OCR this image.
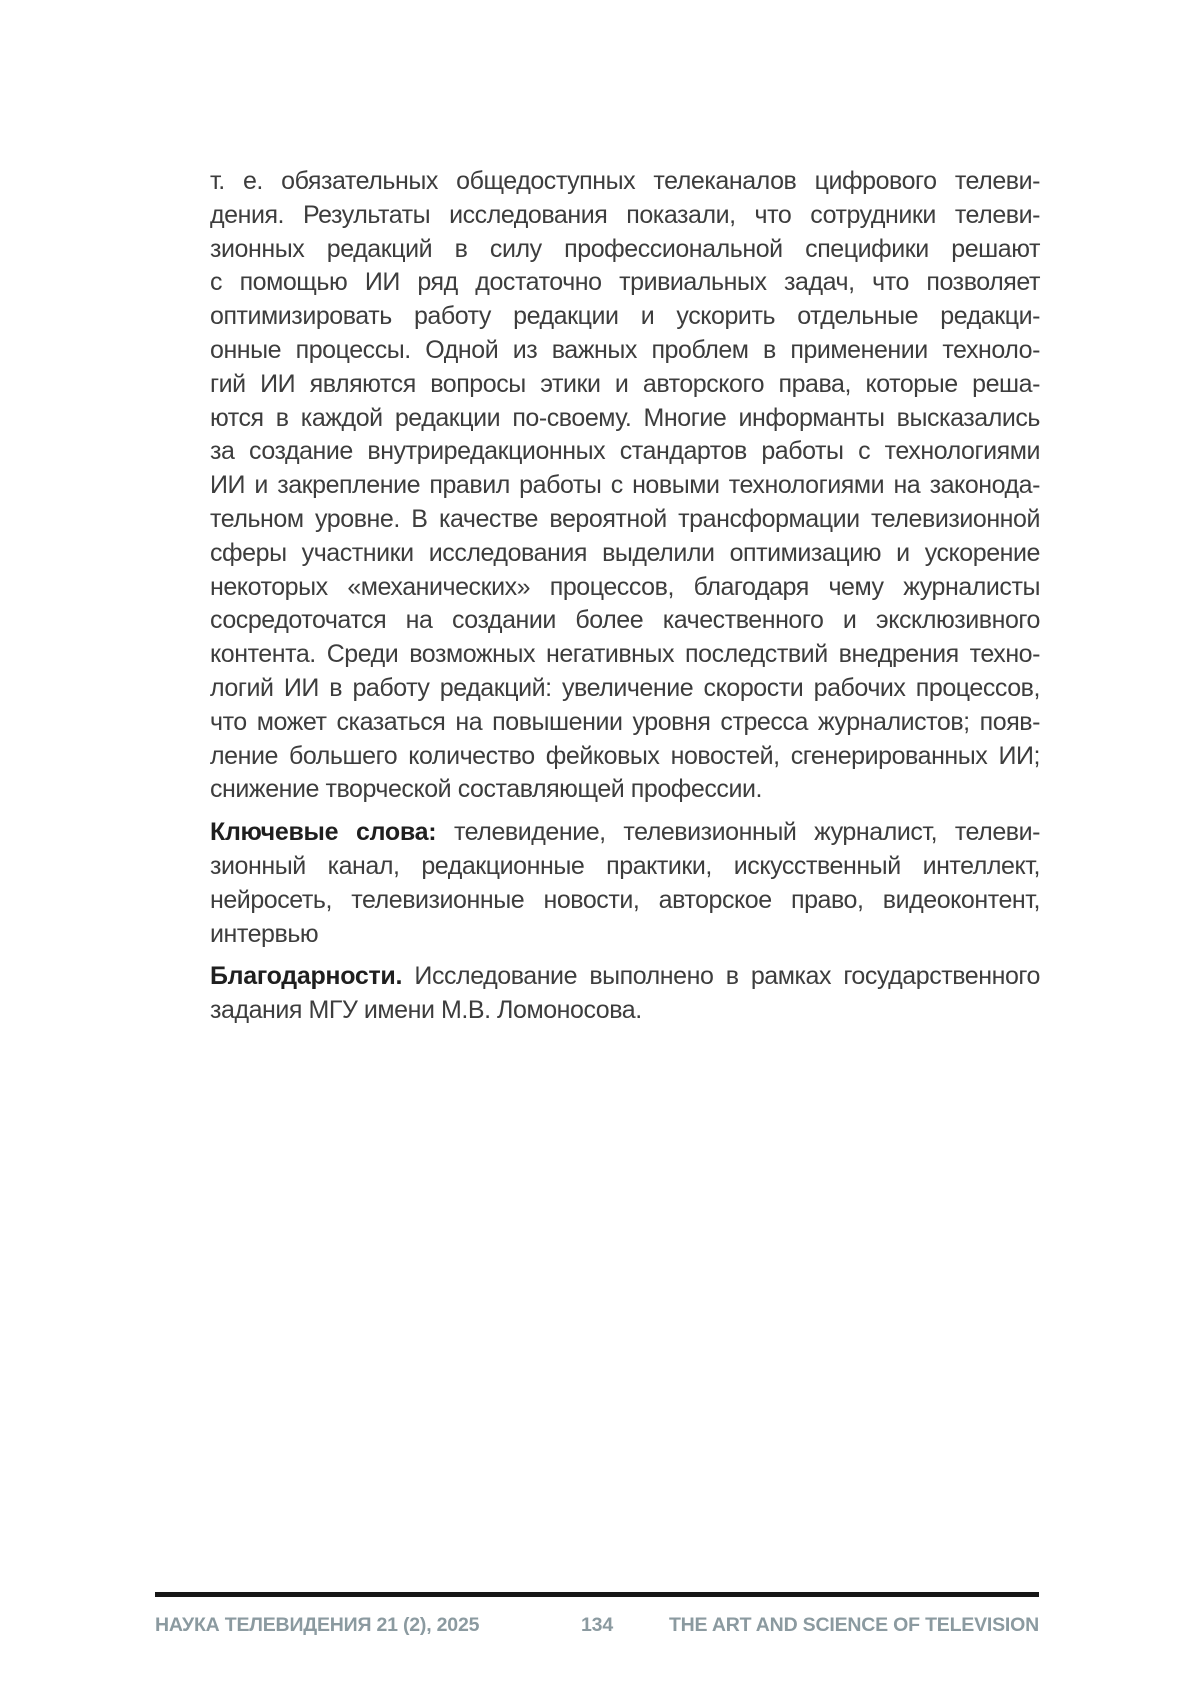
т. е. обязательных общедоступных телеканалов цифрового телеви-
дения. Результаты исследования показали, что сотрудники телеви-
зионных редакций в силу профессиональной специфики решают
с помощью ИИ ряд достаточно тривиальных задач, что позволяет
оптимизировать работу редакции и ускорить отдельные редакци-
онные процессы. Одной из важных проблем в применении техноло-
гий ИИ являются вопросы этики и авторского права, которые реша-
ются в каждой редакции по-своему. Многие информанты высказались
за создание внутриредакционных стандартов работы с технологиями
ИИ и закрепление правил работы с новыми технологиями на законода-
тельном уровне. В качестве вероятной трансформации телевизионной
сферы участники исследования выделили оптимизацию и ускорение
некоторых «механических» процессов, благодаря чему журналисты
сосредоточатся на создании более качественного и эксклюзивного
контента. Среди возможных негативных последствий внедрения техно-
логий ИИ в работу редакций: увеличение скорости рабочих процессов,
что может сказаться на повышении уровня стресса журналистов; появ-
ление большего количество фейковых новостей, сгенерированных ИИ;
снижение творческой составляющей профессии.
Ключевые слова: телевидение, телевизионный журналист, телеви-
зионный канал, редакционные практики, искусственный интеллект,
нейросеть, телевизионные новости, авторское право, видеоконтент,
интервью
Благодарности. Исследование выполнено в рамках государственного
задания МГУ имени М.В. Ломоносова.
НАУКА ТЕЛЕВИДЕНИЯ 21 (2), 2025	134	THE ART AND SCIENCE OF TELEVISION
